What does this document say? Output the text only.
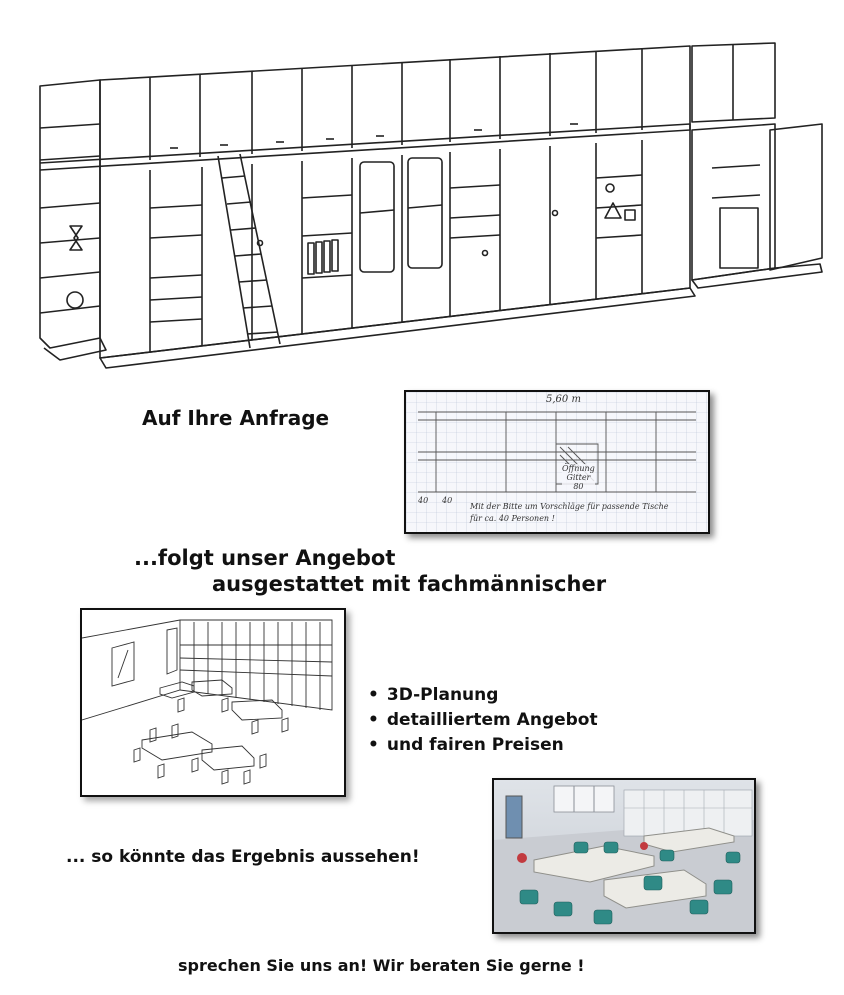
Auf Ihre Anfrage
5,60 m
Öffnung
Gitter
80
40 40
Mit der Bitte um Vorschläge für passende Tische
für ca. 40 Personen !
...folgt unser Angebot
ausgestattet mit fachmännischer
• 3D-Planung
• detailliertem Angebot
• und fairen Preisen
... so könnte das Ergebnis aussehen!
sprechen Sie uns an! Wir beraten Sie gerne !
